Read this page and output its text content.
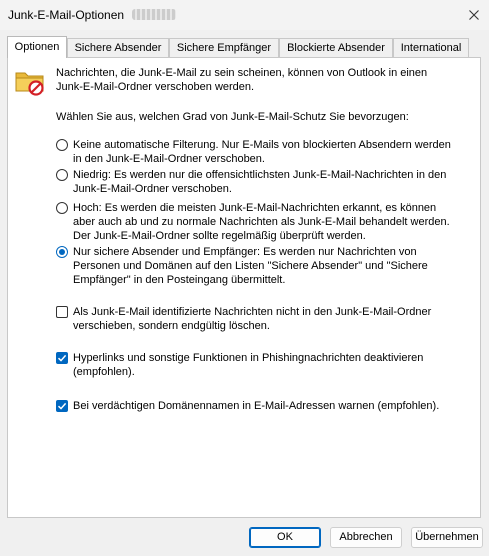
Junk-E-Mail-Optionen
Optionen	Sichere Absender	Sichere Empfänger	Blockierte Absender	International
Nachrichten, die Junk-E-Mail zu sein scheinen, können von Outlook in einen
Junk-E-Mail-Ordner verschoben werden.
Wählen Sie aus, welchen Grad von Junk-E-Mail-Schutz Sie bevorzugen:
Keine automatische Filterung. Nur E-Mails von blockierten Absendern werden
in den Junk-E-Mail-Ordner verschoben.
Niedrig: Es werden nur die offensichtlichsten Junk-E-Mail-Nachrichten in den
Junk-E-Mail-Ordner verschoben.
Hoch: Es werden die meisten Junk-E-Mail-Nachrichten erkannt, es können
aber auch ab und zu normale Nachrichten als Junk-E-Mail behandelt werden.
Der Junk-E-Mail-Ordner sollte regelmäßig überprüft werden.
Nur sichere Absender und Empfänger: Es werden nur Nachrichten von
Personen und Domänen auf den Listen "Sichere Absender" und "Sichere
Empfänger" in den Posteingang übermittelt.
Als Junk-E-Mail identifizierte Nachrichten nicht in den Junk-E-Mail-Ordner
verschieben, sondern endgültig löschen.
Hyperlinks und sonstige Funktionen in Phishingnachrichten deaktivieren
(empfohlen).
Bei verdächtigen Domänennamen in E-Mail-Adressen warnen (empfohlen).
OK	Abbrechen	Übernehmen
